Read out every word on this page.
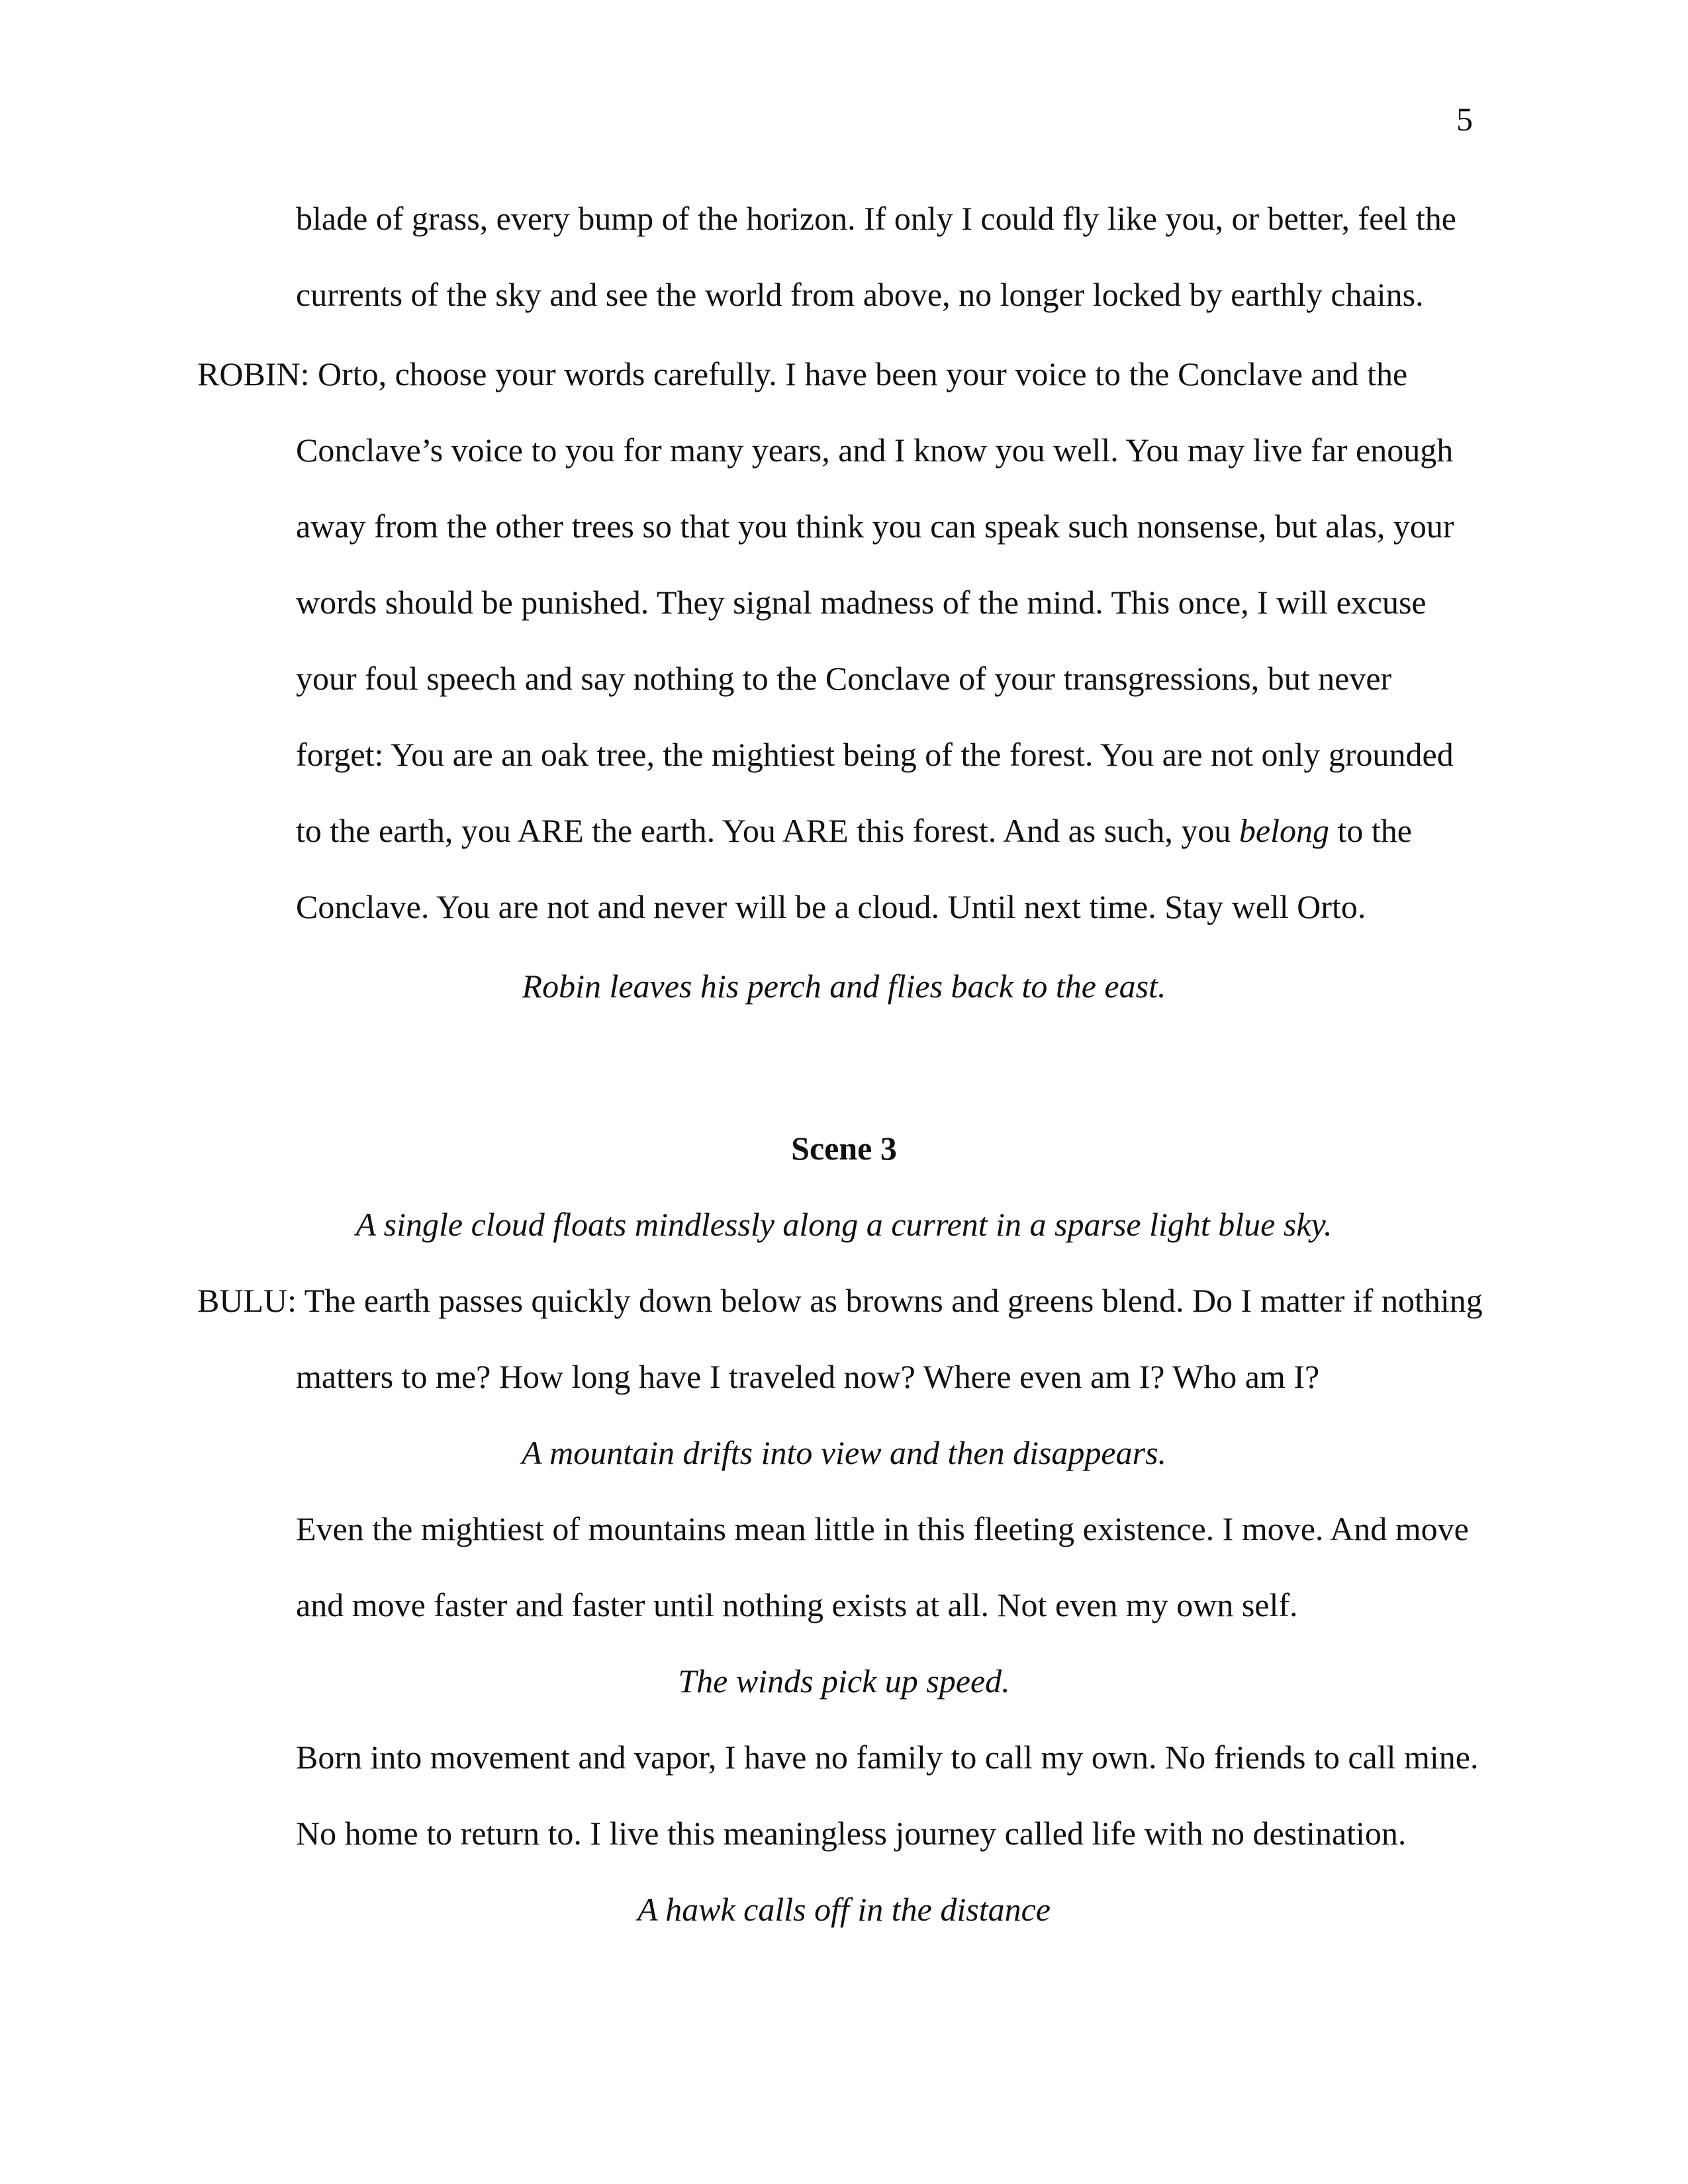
5
blade of grass, every bump of the horizon. If only I could fly like you, or better, feel the
currents of the sky and see the world from above, no longer locked by earthly chains.
ROBIN: Orto, choose your words carefully. I have been your voice to the Conclave and the
Conclave’s voice to you for many years, and I know you well. You may live far enough
away from the other trees so that you think you can speak such nonsense, but alas, your
words should be punished. They signal madness of the mind. This once, I will excuse
your foul speech and say nothing to the Conclave of your transgressions, but never
forget: You are an oak tree, the mightiest being of the forest. You are not only grounded
to the earth, you ARE the earth. You ARE this forest. And as such, you belong to the
Conclave. You are not and never will be a cloud. Until next time. Stay well Orto.
Robin leaves his perch and flies back to the east.
Scene 3
A single cloud floats mindlessly along a current in a sparse light blue sky.
BULU: The earth passes quickly down below as browns and greens blend. Do I matter if nothing
matters to me? How long have I traveled now? Where even am I? Who am I?
A mountain drifts into view and then disappears.
Even the mightiest of mountains mean little in this fleeting existence. I move. And move
and move faster and faster until nothing exists at all. Not even my own self.
The winds pick up speed.
Born into movement and vapor, I have no family to call my own. No friends to call mine.
No home to return to. I live this meaningless journey called life with no destination.
A hawk calls off in the distance
